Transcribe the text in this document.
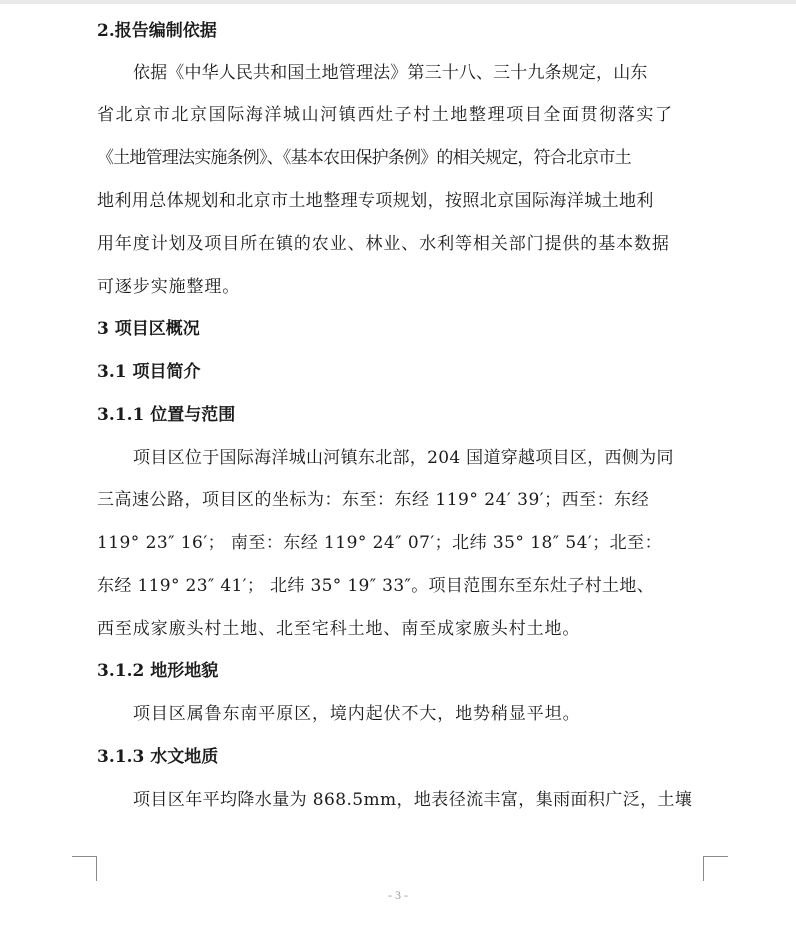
2.报告编制依据
依据《中华人民共和国土地管理法》第三十八、三十九条规定，山东
省北京市北京国际海洋城山河镇西灶子村土地整理项目全面贯彻落实了
《土地管理法实施条例》、《基本农田保护条例》的相关规定，符合北京市土
地利用总体规划和北京市土地整理专项规划，按照北京国际海洋城土地利
用年度计划及项目所在镇的农业、林业、水利等相关部门提供的基本数据
可逐步实施整理。
3 项目区概况
3.1 项目简介
3.1.1 位置与范围
项目区位于国际海洋城山河镇东北部，204 国道穿越项目区，西侧为同
三高速公路，项目区的坐标为：东至：东经 119° 24′ 39′；西至：东经
119° 23″ 16′； 南至：东经 119° 24″ 07′；北纬 35° 18″ 54′；北至：
东经 119° 23″ 41′； 北纬 35° 19″ 33″。项目范围东至东灶子村土地、
西至成家廒头村土地、北至宅科土地、南至成家廒头村土地。
3.1.2 地形地貌
项目区属鲁东南平原区，境内起伏不大，地势稍显平坦。
3.1.3 水文地质
项目区年平均降水量为 868.5mm，地表径流丰富，集雨面积广泛，土壤
- 3 -
